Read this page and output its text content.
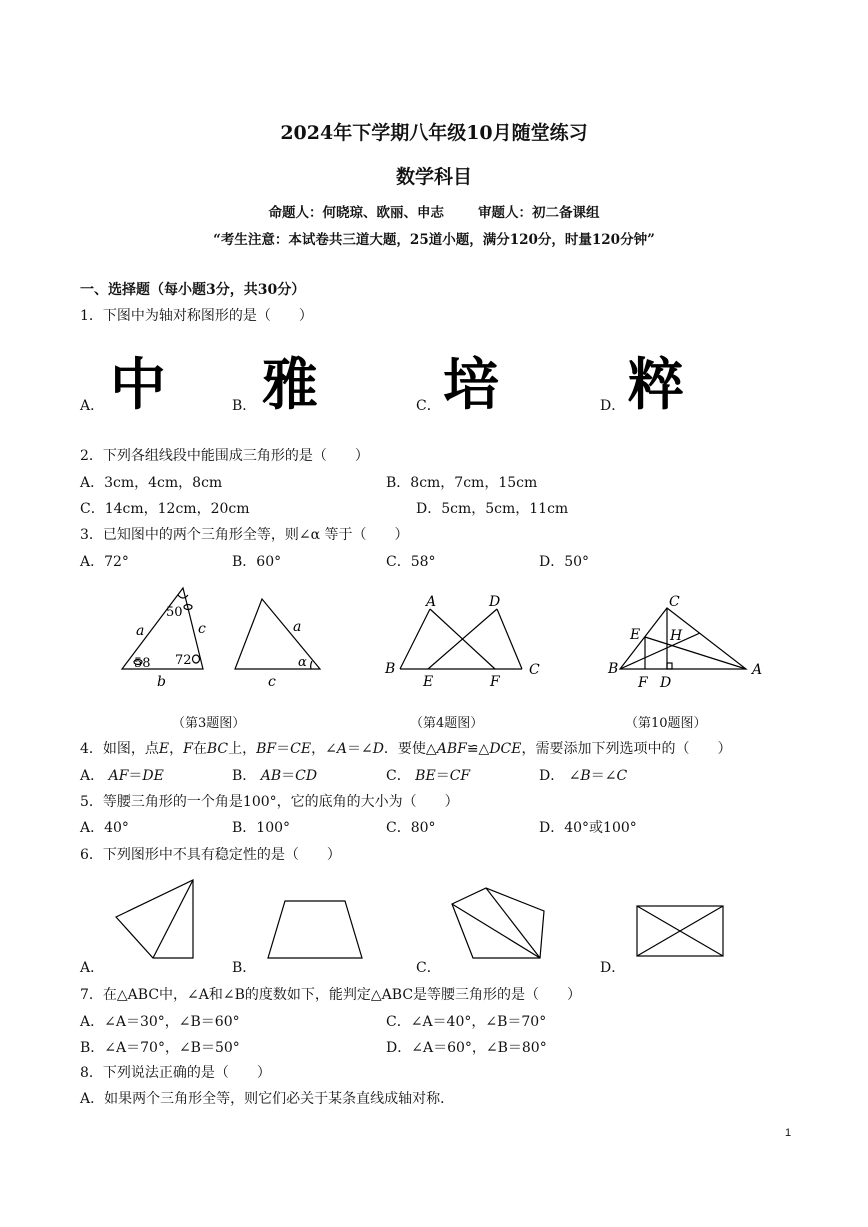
2024年下学期八年级10月随堂练习
数学科目
命题人：何晓琼、欧丽、申志	审题人：初二备课组
“考生注意：本试卷共三道大题，25道小题，满分120分，时量120分钟”
一、选择题（每小题3分，共30分）
1．下图中为轴对称图形的是（　　）
A．	B．	C．	D．
中 雅 培 粹
2．下列各组线段中能围成三角形的是（　　）
A．3cm，4cm，8cm	B．8cm，7cm，15cm
C．14cm，12cm，20cm	D．5cm，5cm，11cm
3．已知图中的两个三角形全等，则∠α 等于（　　）
A．72°	B．60°	C．58°	D．50°
a	c
b
50
58 72
a
c
α
A	D
B	C
E	F
C
E H
B	A
F D
（第3题图）	（第4题图）	（第10题图）
4．如图，点E，F在BC上，BF＝CE，∠A＝∠D．要使△ABF≌△DCE，需要添加下列选项中的（　　）
A． AF＝DE	B． AB＝CD	C． BE＝CF	D． ∠B＝∠C
5．等腰三角形的一个角是100°，它的底角的大小为（　　）
A．40°	B．100°	C．80°	D．40°或100°
6．下列图形中不具有稳定性的是（　　）
A．	B．	C．	D．
7．在△ABC中，∠A和∠B的度数如下，能判定△ABC是等腰三角形的是（　　）
A．∠A＝30°，∠B＝60°	C．∠A＝40°，∠B＝70°
B．∠A＝70°，∠B＝50°	D．∠A＝60°，∠B＝80°
8．下列说法正确的是（　　）
A．如果两个三角形全等，则它们必关于某条直线成轴对称．
1
